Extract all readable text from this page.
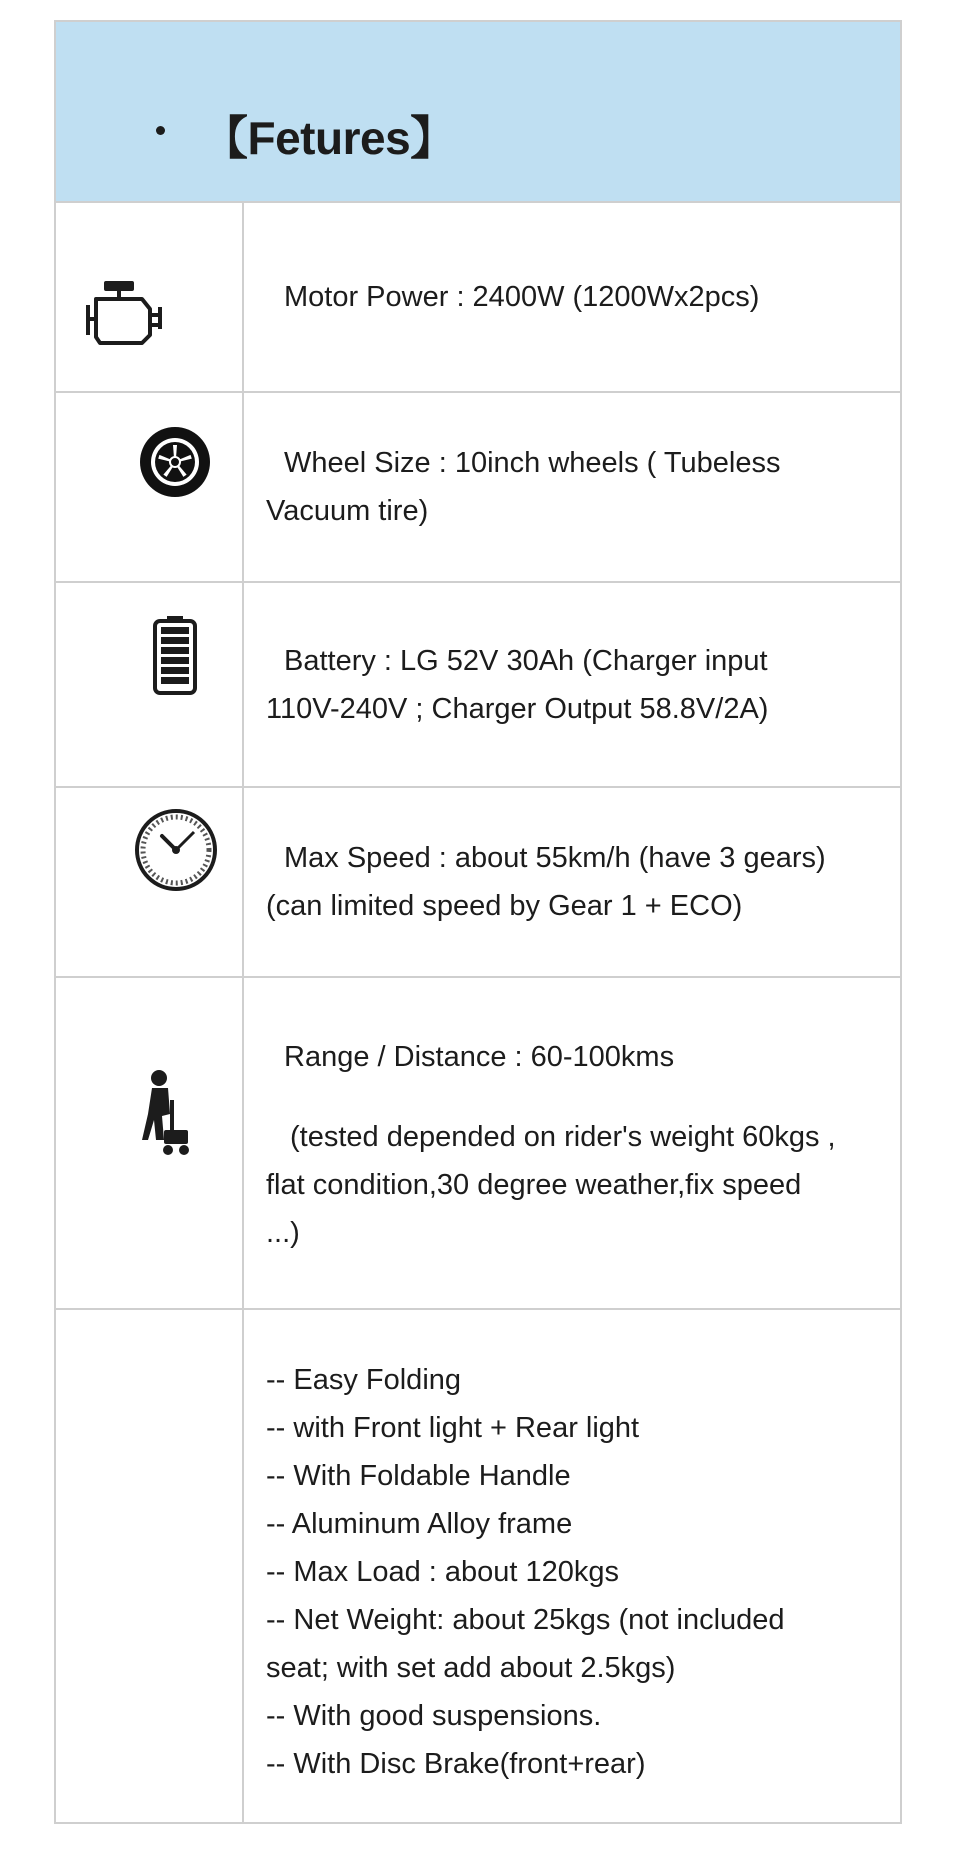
【Fetures】
Motor Power : 2400W (1200Wx2pcs)
Wheel Size : 10inch wheels ( Tubeless
Vacuum tire)
Battery : LG 52V 30Ah (Charger input
110V-240V ; Charger Output 58.8V/2A)
Max Speed : about 55km/h (have 3 gears)
(can limited speed by Gear 1 + ECO)
Range / Distance : 60-100kms
(tested depended on rider's weight 60kgs ,
flat condition,30 degree weather,fix speed
...)
-- Easy Folding
-- with Front light + Rear light
-- With Foldable Handle
-- Aluminum Alloy frame
-- Max Load : about 120kgs
-- Net Weight: about 25kgs (not included
seat; with set add about 2.5kgs)
-- With good suspensions.
-- With Disc Brake(front+rear)
